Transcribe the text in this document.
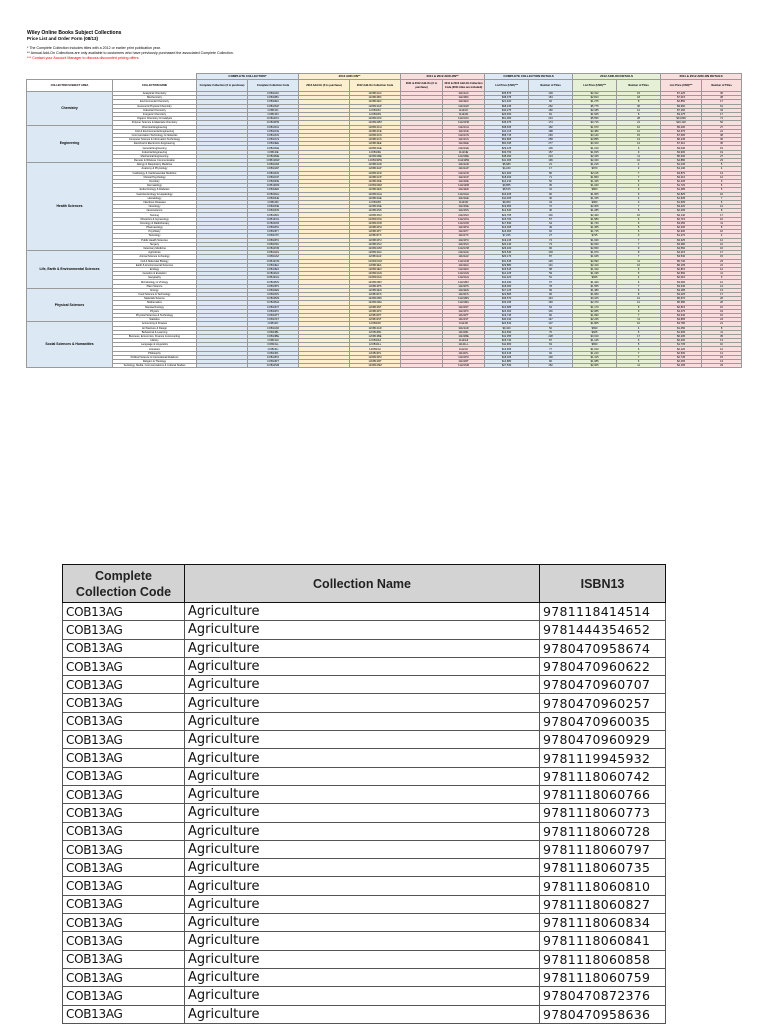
Wiley Online Books Subject Collections
Price List and Order Form (08/13)
* The Complete Collection includes titles with a 2012 or earlier print publication year.
** Annual Add-On Collections are only available to customers who have previously purchased the associated Complete Collection.
*** Contact your Account Manager to discuss discounted pricing offers.
		COMPLETE COLLECTION*		2012 ADD-ON**		2011 & 2012 ADD-ON**		COMPLETE COLLECTION DETAILS		2012 ADD-ON DETAILS		2011 & 2012 ADD-ON DETAILS	
COLLECTION SUBJECT AREA	COLLECTION NAME	Complete Collection (X to purchase)	Complete Collection Code	2012 Add-On (X to purchase)	2012 Add-On Collection Code	2011 & 2012 Add-On (X to purchase)	2011 & 2012 Add-On Collection Code (2011 titles are included)	List Price (USD)***	Number of Titles	List Price (USD)***	Number of Titles	List Price (USD)***	Number of Titles
Chemistry	Analytical Chemistry		COB13AC		12OB13AC		11121AC	$35,875	139	$2,312	15	$7,225	36
	Biochemistry		COB13BC		12OB13BC		11121BC	$38,075	154	$2,813	18	$7,015	38
	Environmental Chemistry		COB13EC		12OB13EC		11121EC	$21,400	92	$1,275	8	$2,850	17
	General & Physical Chemistry		COB13GP		12OB13GP		11121GP	$68,245	262	$5,775	36	$9,960	61
	Industrial Chemistry		COB13IC		12OB13IC		11121IC	$40,275	160	$2,185	12	$7,160	34
	Inorganic Chemistry		COB13IN		12OB13IN		11121IN	$20,450	81	$1,525	8	$3,175	17
	Organic Chemistry & Catalysis		COB13OC		12OB13OC		11121OC	$61,060	213	$5,550	28	$13,830	71
	Polymer Science & Materials Chemistry		COB13PM		12OB13PM		11121PM	$45,975	174	$3,715	21	$10,120	52
Engineering	Chemical Engineering		COB13CH		12OB13CH		11121CH	$38,465	152	$1,970	10	$5,400	27
	Civil & Environmental Engineering		COB13CE		12OB13CE		11121CE	$41,115	198	$2,480	12	$4,375	21
	Communication Technology & Networks		COB13CN		12OB13CN		11121CN	$58,715	293	$3,140	15	$7,695	38
	Computer Science & Information Technology		COB13CS		12OB13CS		11121CS	$52,865	258	$2,855	13	$6,245	30
	Electrical & Electronics Engineering		COB13EE		12OB13EE		11121EE	$60,035	277	$3,100	14	$7,310	35
	General Engineering		COB13GE		12OB13GE		11121GE	$29,125	136	$1,210	6	$3,040	15
	Industrial Engineering		COB13IE		12OB13IE		11121IE	$33,760	157	$1,815	9	$3,900	19
	Mechanical Engineering		COB13ME		12OB13ME		11121ME	$48,390	224	$2,345	11	$5,630	27
	Remote & Wireless Communication		COB13RW		12OB13RW		11121RW	$41,005	196	$2,160	10	$4,880	23
Health Sciences	Allergy & Respiratory Medicine		COB13AR		12OB13AR		11121AR	$5,680	21	$1,215	4	$1,445	5
	Anatomy & Physiology		COB13AP		12OB13AP		11121AP	$4,240	17	$970	3	$1,140	4
	Cardiology & Cardiovascular Medicine		COB13CD		12OB13CD		11121CD	$21,900	80	$2,115	7	$3,870	13
	Clinical Psychology		COB13CP		12OB13CP		11121CP	$18,400	71	$1,860	7	$3,210	12
	Dentistry		COB13DE		12OB13DE		11121DE	$14,210	52	$1,425	5	$2,435	9
	Dermatology		COB13DM		12OB13DM		11121DM	$9,855	35	$1,040	4	$1,720	6
	Endocrinology & Diabetes		COB13ED		12OB13ED		11121ED	$8,515	31	$860	3	$1,485	5
	Gastroenterology & Hepatology		COB13GH		12OB13GH		11121GH	$16,405	60	$1,605	6	$2,825	10
	Hematology		COB13HE		12OB13HE		11121HE	$11,095	40	$1,155	4	$1,935	7
	Infectious Diseases		COB13ID		12OB13ID		11121ID	$9,300	34	$960	3	$1,605	6
	Neurology		COB13NE		12OB13NE		11121NE	$19,950	72	$2,005	7	$3,420	12
	Neuroscience		COB13NS		12OB13NS		11121NS	$12,640	46	$1,285	5	$2,205	8
	Nursing		COB13NU		12OB13NU		11121NU	$22,765	101	$2,420	10	$4,140	17
	Obstetrics & Gynecology		COB13OG		12OB13OG		11121OG	$15,700	57	$1,580	6	$2,715	10
	Oncology & Radiotherapy		COB13OR		12OB13OR		11121OR	$17,830	64	$1,740	6	$3,050	11
	Pharmacology		COB13PH		12OB13PH		11121PH	$13,305	49	$1,355	5	$2,330	8
	Psychiatry		COB13PY		12OB13PY		11121PY	$16,960	62	$1,715	6	$2,930	10
	Toxicology		COB13TX		12OB13TX		11121TX	$7,245	27	$745	3	$1,270	4
	Public Health Sciences		COB13PU		12OB13PU		11121PU	$19,215	74	$1,930	7	$3,325	12
	Surgery		COB13SU		12OB13SU		11121SU	$20,140	73	$2,030	7	$3,480	12
	Veterinary Medicine		COB13VM		12OB13VM		11121VM	$26,320	96	$2,650	9	$4,560	16
Life, Earth & Environmental Sciences	Agriculture		COB13AG		12OB13AG		11121AG	$23,540	103	$1,970	8	$4,215	17
	Animal Science & Zoology		COB13AZ		12OB13AZ		11121AZ	$20,170	87	$1,645	7	$3,540	15
	Cell & Molecular Biology		COB13CM		12OB13CM		11121CM	$31,645	126	$2,690	11	$5,730	23
	Earth & Environmental Sciences		COB13EA		12OB13EA		11121EA	$29,880	121	$2,410	10	$5,195	21
	Ecology		COB13EO		12OB13EO		11121EO	$15,615	68	$1,310	6	$2,815	12
	Genetics & Evolution		COB13GN		12OB13GN		11121GN	$14,105	59	$1,195	5	$2,560	11
	Geography		COB13GG		12OB13GG		11121GG	$11,220	51	$925	4	$2,010	9
	Microbiology & Virology		COB13MV		12OB13MV		11121MV	$16,940	67	$1,420	6	$3,060	12
	Plant Science		COB13PS		12OB13PS		11121PS	$18,360	78	$1,555	7	$3,345	14
Physical Sciences	Energy		COB13EN		12OB13EN		11121EN	$17,125	69	$1,480	6	$3,185	13
	Food Science & Technology		COB13FS		12OB13FS		11121FS	$22,865	96	$1,960	8	$4,225	17
	Materials Science		COB13MS		12OB13MS		11121MS	$36,570	143	$3,105	12	$6,670	26
	Mathematics		COB13MA		12OB13MA		11121MA	$33,045	160	$2,470	12	$5,380	26
	Nanotechnology		COB13NT		12OB13NT		11121NT	$13,685	54	$1,170	5	$2,515	10
	Physics		COB13PC		12OB13PC		11121PC	$24,300	101	$2,085	9	$4,475	19
	Physical Sciences & Technology		COB13PT		12OB13PT		11121PT	$19,745	82	$1,690	7	$3,640	15
	Statistics		COB13ST		12OB13ST		11121ST	$30,010	147	$2,225	11	$4,895	24
Social Sciences & Humanities	Accounting & Finance		COB13FI		12OB13FI		11121FI	$24,810	137	$1,805	10	$3,780	21
	Architecture & Design		COB13AD		12OB13AD		11121AD	$9,420	52	$690	4	$1,450	8
	Behavioral & Learning		COB13BL		12OB13BL		11121BL	$12,690	70	$925	5	$1,935	11
	Business, Economics, Finance & Accounting		COB13BE		12OB13BE		11121BE	$41,355	228	$3,010	17	$6,295	35
	History		COB13HI		12OB13HI		11121HI	$15,740	87	$1,145	6	$2,400	13
	Language & Linguistics		COB13LL		12OB13LL		11121LL	$11,380	63	$830	5	$1,735	10
	Literature		COB13LI		12OB13LI		11121LI	$13,905	77	$1,010	6	$2,120	12
	Philosophy		COB13PL		12OB13PL		11121PL	$16,615	92	$1,210	7	$2,530	14
	Political Science & International Relations		COB13PO		12OB13PO		11121PO	$18,025	100	$1,315	7	$2,745	15
	Religion & Theology		COB13RT		12OB13RT		11121RT	$14,880	82	$1,085	6	$2,265	13
	Sociology, Media, Communications & Cultural Studies		COB13SM		12OB13SM		11121SM	$27,530	152	$2,005	11	$4,195	23
Complete Collection Code	Collection Name	ISBN13
COB13AG	Agriculture	9781118414514
COB13AG	Agriculture	9781444354652
COB13AG	Agriculture	9780470958674
COB13AG	Agriculture	9780470960622
COB13AG	Agriculture	9780470960707
COB13AG	Agriculture	9780470960257
COB13AG	Agriculture	9780470960035
COB13AG	Agriculture	9780470960929
COB13AG	Agriculture	9781119945932
COB13AG	Agriculture	9781118060742
COB13AG	Agriculture	9781118060766
COB13AG	Agriculture	9781118060773
COB13AG	Agriculture	9781118060728
COB13AG	Agriculture	9781118060797
COB13AG	Agriculture	9781118060735
COB13AG	Agriculture	9781118060810
COB13AG	Agriculture	9781118060827
COB13AG	Agriculture	9781118060834
COB13AG	Agriculture	9781118060841
COB13AG	Agriculture	9781118060858
COB13AG	Agriculture	9781118060759
COB13AG	Agriculture	9780470872376
COB13AG	Agriculture	9780470958636
